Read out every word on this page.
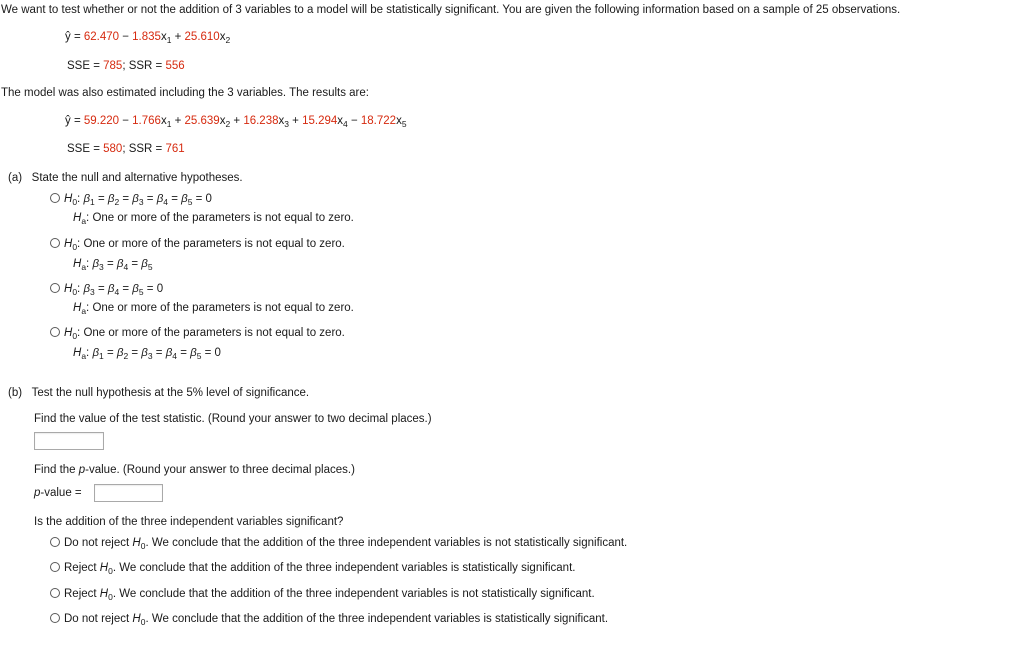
We want to test whether or not the addition of 3 variables to a model will be statistically significant. You are given the following information based on a sample of 25 observations.
ŷ = $62.470 - 1.835x_1 + 25.610x_2$
SSE = 785; SSR = 556
The model was also estimated including the 3 variables. The results are:
ŷ = $59.220 - 1.766x_1 + 25.639x_2 + 16.238x_3 + 15.294x_4 - 18.722x_5$
SSE = 580; SSR = 761
(a) State the null and alternative hypotheses.
$H_0$: $\beta_1 = \beta_2 = \beta_3 = \beta_4 = \beta_5 = 0$
$H_a$: One or more of the parameters is not equal to zero.
$H_0$: One or more of the parameters is not equal to zero.
$H_a$: $\beta_3 = \beta_4 = \beta_5$
$H_0$: $\beta_3 = \beta_4 = \beta_5 = 0$
$H_a$: One or more of the parameters is not equal to zero.
$H_0$: One or more of the parameters is not equal to zero.
$H_a$: $\beta_1 = \beta_2 = \beta_3 = \beta_4 = \beta_5 = 0$
(b) Test the null hypothesis at the 5% level of significance.
Find the value of the test statistic. (Round your answer to two decimal places.)
Find the p-value. (Round your answer to three decimal places.)
p-value =
Is the addition of the three independent variables significant?
Do not reject $H_0$. We conclude that the addition of the three independent variables is not statistically significant.
Reject $H_0$. We conclude that the addition of the three independent variables is statistically significant.
Reject $H_0$. We conclude that the addition of the three independent variables is not statistically significant.
Do not reject $H_0$. We conclude that the addition of the three independent variables is statistically significant.
